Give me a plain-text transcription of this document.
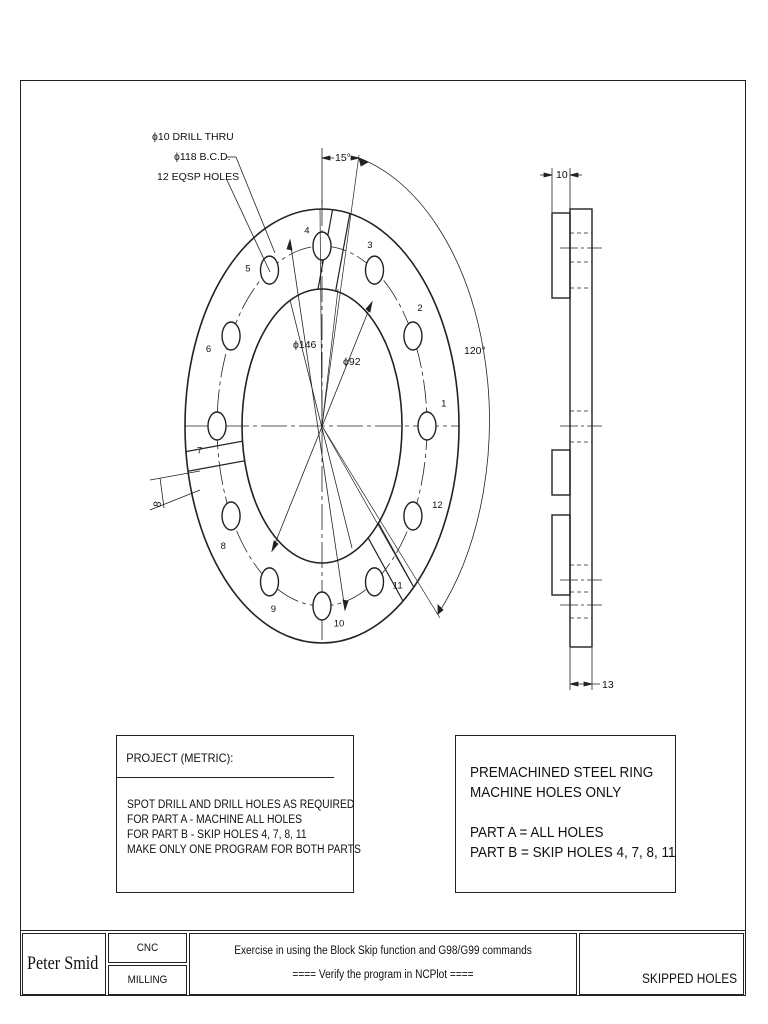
ϕ10 DRILL THRU
ϕ118 B.C.D.
12 EQSP HOLES
15°
120°
ϕ146
ϕ92
8
10
13
1
2
3
4
5
6
7
8
9
10
11
12
PROJECT (METRIC):
SPOT DRILL AND DRILL HOLES AS REQUIRED
FOR PART A - MACHINE ALL HOLES
FOR PART B - SKIP HOLES 4, 7, 8, 11
MAKE ONLY ONE PROGRAM FOR BOTH PARTS
PREMACHINED STEEL RING
MACHINE HOLES ONLY
PART A = ALL HOLES
PART B = SKIP HOLES 4, 7, 8, 11
Peter Smid
CNC
MILLING
Exercise in using the Block Skip function and G98/G99 commands
==== Verify the program in NCPlot ====	SKIPPED HOLES
